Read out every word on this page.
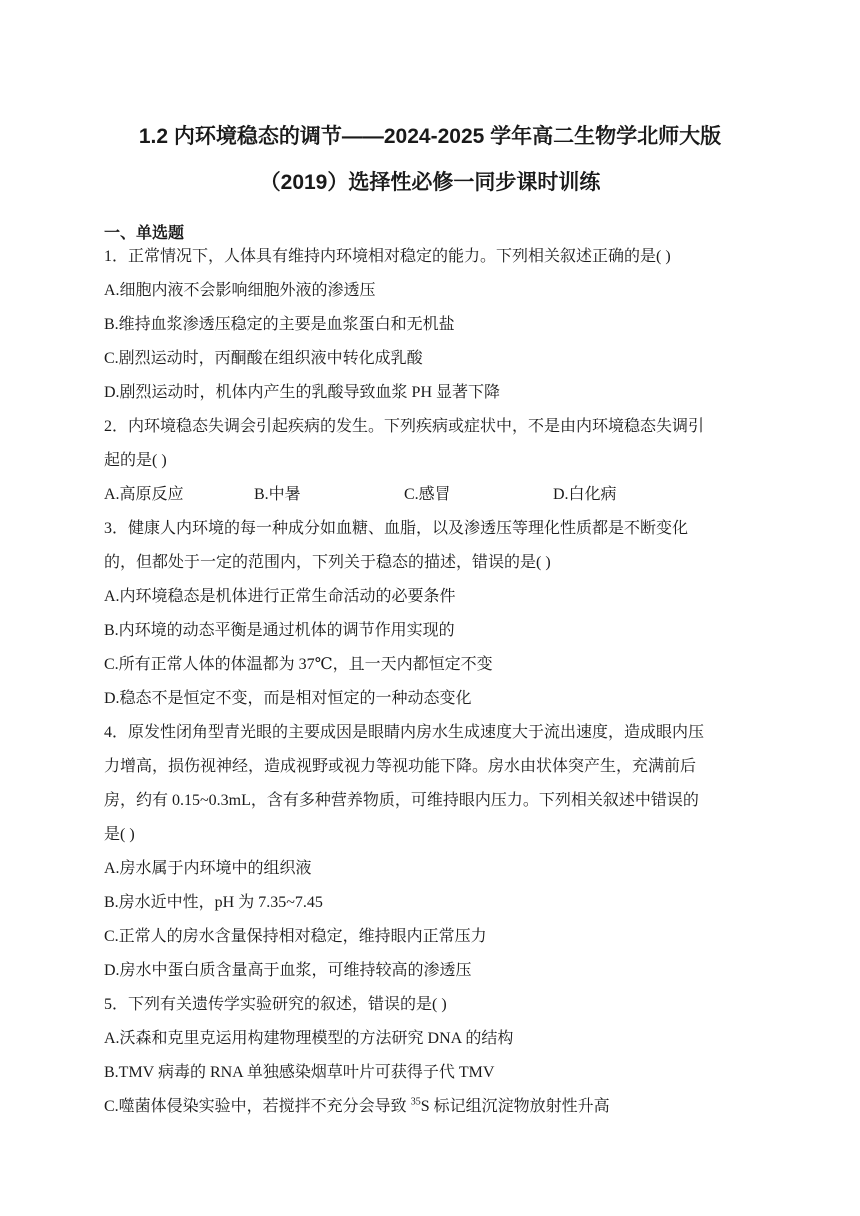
1.2 内环境稳态的调节——2024-2025 学年高二生物学北师大版
（2019）选择性必修一同步课时训练
一、单选题
1．正常情况下，人体具有维持内环境相对稳定的能力。下列相关叙述正确的是( )
A.细胞内液不会影响细胞外液的渗透压
B.维持血浆渗透压稳定的主要是血浆蛋白和无机盐
C.剧烈运动时，丙酮酸在组织液中转化成乳酸
D.剧烈运动时，机体内产生的乳酸导致血浆 PH 显著下降
2．内环境稳态失调会引起疾病的发生。下列疾病或症状中，不是由内环境稳态失调引
起的是( )
A.高原反应	B.中暑	C.感冒	D.白化病
3．健康人内环境的每一种成分如血糖、血脂，以及渗透压等理化性质都是不断变化
的，但都处于一定的范围内，下列关于稳态的描述，错误的是( )
A.内环境稳态是机体进行正常生命活动的必要条件
B.内环境的动态平衡是通过机体的调节作用实现的
C.所有正常人体的体温都为 37℃，且一天内都恒定不变
D.稳态不是恒定不变，而是相对恒定的一种动态变化
4．原发性闭角型青光眼的主要成因是眼睛内房水生成速度大于流出速度，造成眼内压
力增高，损伤视神经，造成视野或视力等视功能下降。房水由状体突产生，充满前后
房，约有 0.15~0.3mL，含有多种营养物质，可维持眼内压力。下列相关叙述中错误的
是( )
A.房水属于内环境中的组织液
B.房水近中性，pH 为 7.35~7.45
C.正常人的房水含量保持相对稳定，维持眼内正常压力
D.房水中蛋白质含量高于血浆，可维持较高的渗透压
5．下列有关遗传学实验研究的叙述，错误的是( )
A.沃森和克里克运用构建物理模型的方法研究 DNA 的结构
B.TMV 病毒的 RNA 单独感染烟草叶片可获得子代 TMV
C.噬菌体侵染实验中，若搅拌不充分会导致 $^{35}$S 标记组沉淀物放射性升高
